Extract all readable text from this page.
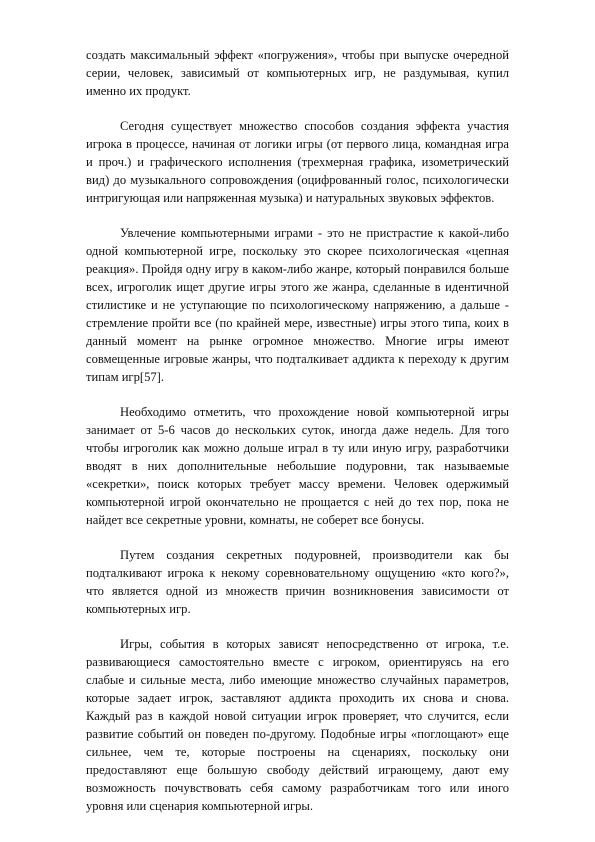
создать максимальный эффект «погружения», чтобы при выпуске очередной серии, человек, зависимый от компьютерных игр, не раздумывая, купил именно их продукт.

Сегодня существует множество способов создания эффекта участия игрока в процессе, начиная от логики игры (от первого лица, командная игра и проч.) и графического исполнения (трехмерная графика, изометрический вид) до музыкального сопровождения (оцифрованный голос, психологически интригующая или напряженная музыка) и натуральных звуковых эффектов.

Увлечение компьютерными играми - это не пристрастие к какой-либо одной компьютерной игре, поскольку это скорее психологическая «цепная реакция». Пройдя одну игру в каком-либо жанре, который понравился больше всех, игроголик ищет другие игры этого же жанра, сделанные в идентичной стилистике и не уступающие по психологическому напряжению, а дальше - стремление пройти все (по крайней мере, известные) игры этого типа, коих в данный момент на рынке огромное множество. Многие игры имеют совмещенные игровые жанры, что подталкивает аддикта к переходу к другим типам игр[57].

Необходимо отметить, что прохождение новой компьютерной игры занимает от 5-6 часов до нескольких суток, иногда даже недель. Для того чтобы игроголик как можно дольше играл в ту или иную игру, разработчики вводят в них дополнительные небольшие подуровни, так называемые «секретки», поиск которых требует массу времени. Человек одержимый компьютерной игрой окончательно не прощается с ней до тех пор, пока не найдет все секретные уровни, комнаты, не соберет все бонусы.

Путем создания секретных подуровней, производители как бы подталкивают игрока к некому соревновательному ощущению «кто кого?», что является одной из множеств причин возникновения зависимости от компьютерных игр.

Игры, события в которых зависят непосредственно от игрока, т.е. развивающиеся самостоятельно вместе с игроком, ориентируясь на его слабые и сильные места, либо имеющие множество случайных параметров, которые задает игрок, заставляют аддикта проходить их снова и снова. Каждый раз в каждой новой ситуации игрок проверяет, что случится, если развитие событий он поведен по-другому. Подобные игры «поглощают» еще сильнее, чем те, которые построены на сценариях, поскольку они предоставляют еще большую свободу действий играющему, дают ему возможность почувствовать себя самому разработчикам того или иного уровня или сценария компьютерной игры.
